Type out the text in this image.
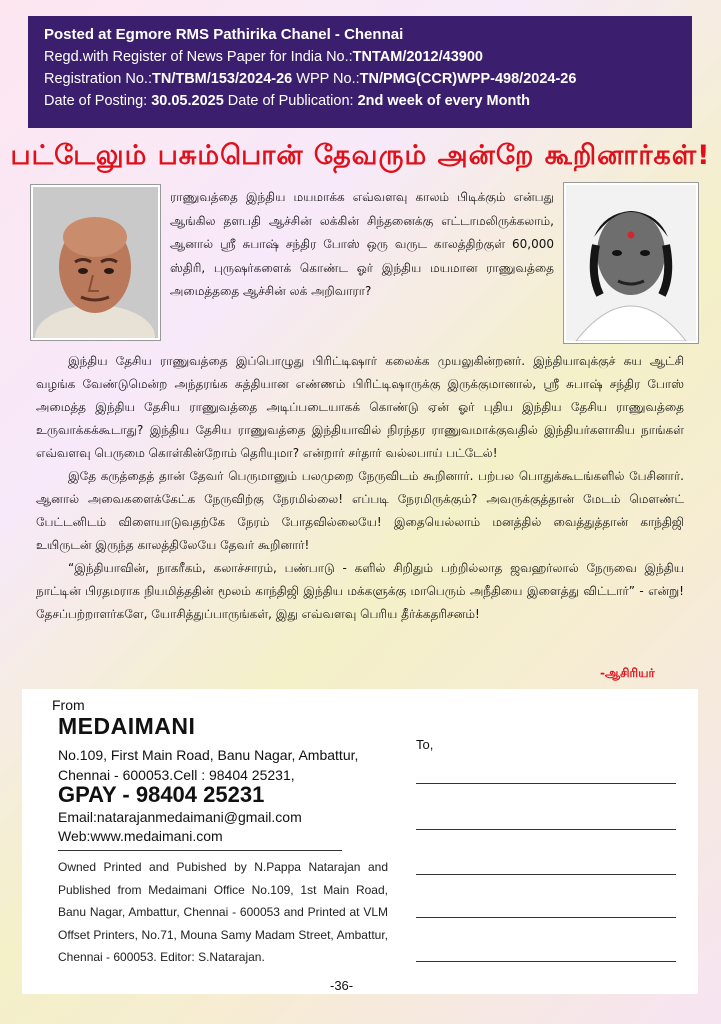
Posted at Egmore RMS Pathirika Chanel - Chennai
Regd.with Register of News Paper for India No.:TNTAM/2012/43900
Registration No.:TN/TBM/153/2024-26 WPP No.:TN/PMG(CCR)WPP-498/2024-26
Date of Posting: 30.05.2025 Date of Publication: 2nd week of every Month
பட்டேலும் பசும்பொன் தேவரும் அன்றே கூறினார்கள்!
ராணுவத்தை இந்திய மயமாக்க எவ்வளவு காலம் பிடிக்கும் என்பது ஆங்கில தளபதி ஆச்சின் லக்கின் சிந்தனைக்கு எட்டாமலிருக்கலாம், ஆனால் ஸ்ரீ சுபாஷ் சந்திர போஸ் ஒரு வருட காலத்திற்குள் 60,000 ஸ்திரி, புருஷர்களைக் கொண்ட ஓர் இந்திய மயமான ராணுவத்தை அமைத்ததை ஆச்சின் லக் அறிவாரா?

இந்திய தேசிய ராணுவத்தை இப்பொழுது பிரிட்டிஷார் கலைக்க முயலுகின்றனர். இந்தியாவுக்குச் சுய ஆட்சி வழங்க வேண்டுமென்ற அந்தரங்க சுத்தியான எண்ணம் பிரிட்டிஷாருக்கு இருக்குமானால், ஸ்ரீ சுபாஷ் சந்திர போஸ் அமைத்த இந்திய தேசிய ராணுவத்தை அடிப்படையாகக் கொண்டு ஏன் ஓர் புதிய இந்திய தேசிய ராணுவத்தை உருவாக்கக்கூடாது? இந்திய தேசிய ராணுவத்தை இந்தியாவில் நிரந்தர ராணுவமாக்குவதில் இந்தியர்களாகிய நாங்கள் எவ்வளவு பெருமை கொள்கின்றோம் தெரியுமா? என்றார் சர்தார் வல்லபாய் பட்டேல்!

இதே கருத்தைத் தான் தேவர் பெருமானும் பலமுறை நேருவிடம் கூறினார். பற்பல பொதுக்கூடங்களில் பேசினார். ஆனால் அவைகளைக்கேட்க நேருவிற்கு நேரமில்லை! எப்படி நேரமிருக்கும்? அவருக்குத்தான் மேடம் மௌண்ட் பேட்டனிடம் விளையாடுவதற்கே நேரம் போதவில்லையே! இதையெல்லாம் மனத்தில் வைத்துத்தான் காந்திஜி உயிருடன் இருந்த காலத்திலேயே தேவர் கூறினார்!

“இந்தியாவின், நாகரீகம், கலாச்சாரம், பண்பாடு - களில் சிறிதும் பற்றில்லாத ஜவஹர்லால் நேருவை இந்திய நாட்டின் பிரதமராக நியமித்ததின் மூலம் காந்திஜி இந்திய மக்களுக்கு மாபெரும் அநீதியை இளைத்து விட்டார்” - என்று! தேசப்பற்றாளர்களே, யோசித்துப்பாருங்கள், இது எவ்வளவு பெரிய தீர்க்கதரிசனம்!

-ஆசிரியர்
From
MEDAIMANI
No.109, First Main Road, Banu Nagar, Ambattur,
Chennai - 600053.Cell : 98404 25231,
GPAY - 98404 25231
Email:natarajanmedaimani@gmail.com
Web:www.medaimani.com
Owned Printed and Pubished by N.Pappa Natarajan and Published from Medaimani Office No.109, 1st Main Road, Banu Nagar, Ambattur, Chennai - 600053 and Printed at VLM Offset Printers, No.71, Mouna Samy Madam Street, Ambattur, Chennai - 600053. Editor: S.Natarajan.
To,
-36-
